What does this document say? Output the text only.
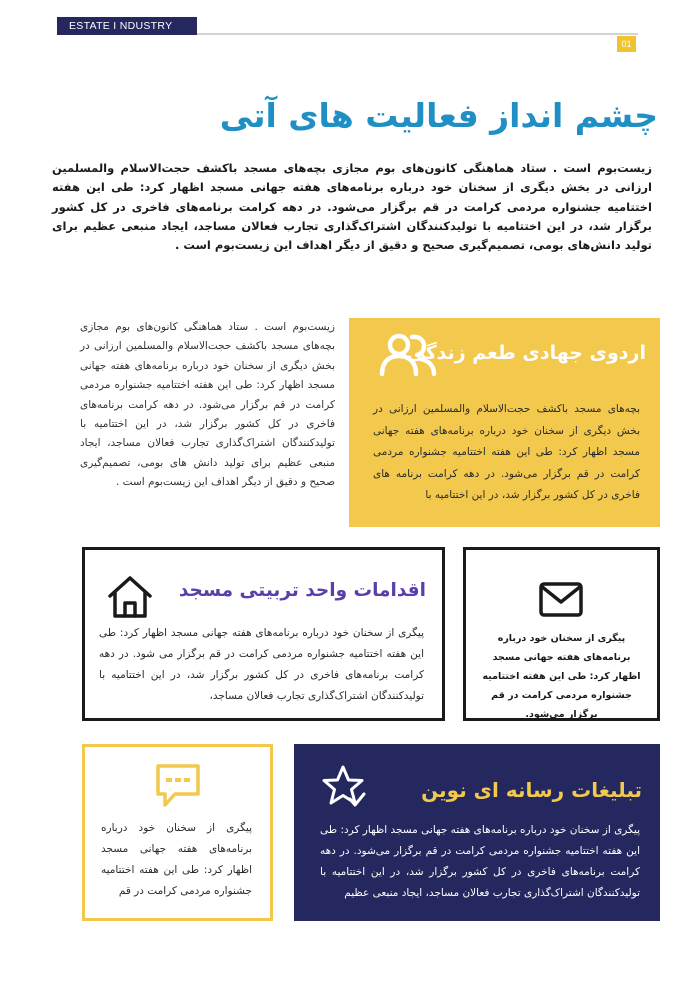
ESTATE I NDUSTRY
01
چشم انداز فعالیت های آتی
زیست‌بوم است . ستاد هماهنگی کانون‌های بوم مجازی بچه‌های مسجد باکشف حجت‌الاسلام والمسلمین ارزانی در بخش دیگری از سخنان خود درباره برنامه‌های هفته جهانی مسجد اظهار کرد: طی این هفته اختتامیه جشنواره مردمی کرامت در قم برگزار می‌شود. در دهه کرامت برنامه‌های فاخری در کل کشور برگزار شد، در این اختتامیه با تولیدکنندگان اشتراک‌گذاری تجارب فعالان مساجد، ایجاد منبعی عظیم برای تولید دانش‌های بومی، تصمیم‌گیری صحیح و دقیق از دیگر اهداف این زیست‌بوم است .
زیست‌بوم است . ستاد هماهنگی کانون‌های بوم مجازی بچه‌های مسجد باکشف حجت‌الاسلام والمسلمین ارزانی در بخش دیگری از سخنان خود درباره برنامه‌های هفته جهانی مسجد اظهار کرد: طی این هفته اختتامیه جشنواره مردمی کرامت در قم برگزار می‌شود. در دهه کرامت برنامه‌های فاخری در کل کشور برگزار شد، در این اختتامیه با تولیدکنندگان اشتراک‌گذاری تجارب فعالان مساجد، ایجاد منبعی عظیم برای تولید دانش های بومی، تصمیم‌گیری صحیح و دقیق از دیگر اهداف این زیست‌بوم است .
اردوی جهادی طعم زندگی
بچه‌های مسجد باکشف حجت‌الاسلام والمسلمین ارزانی در بخش دیگری از سخنان خود درباره برنامه‌های هفته جهانی مسجد اظهار کرد: طی این هفته اختتامیه جشنواره مردمی کرامت در قم برگزار می‌شود. در دهه کرامت برنامه های فاخری در کل کشور برگزار شد، در این اختتامیه با
اقدامات واحد تربیتی مسجد
پیگری از سخنان خود درباره برنامه‌های هفته جهانی مسجد اظهار کرد: طی این هفته اختتامیه جشنواره مردمی کرامت در قم برگزار می شود. در دهه کرامت برنامه‌های فاخری در کل کشور برگزار شد، در این اختتامیه با تولیدکنندگان اشتراک‌گذاری تجارب فعالان مساجد،
پیگری از سخنان خود درباره برنامه‌های هفته جهانی مسجد اظهار کرد: طی این هفته اختتامیه جشنواره مردمی کرامت در قم برگزار می‌شود.
پیگری از سخنان خود درباره برنامه‌های هفته جهانی مسجد اظهار کرد: طی این هفته اختتامیه جشنواره مردمی کرامت در قم
تبلیغات رسانه ای نوین
پیگری از سخنان خود درباره برنامه‌های هفته جهانی مسجد اظهار کرد: طی این هفته اختتامیه جشنواره مردمی کرامت در قم برگزار می‌شود. در دهه کرامت برنامه‌های فاخری در کل کشور برگزار شد، در این اختتامیه با تولیدکنندگان اشتراک‌گذاری تجارب فعالان مساجد، ایجاد منبعی عظیم
